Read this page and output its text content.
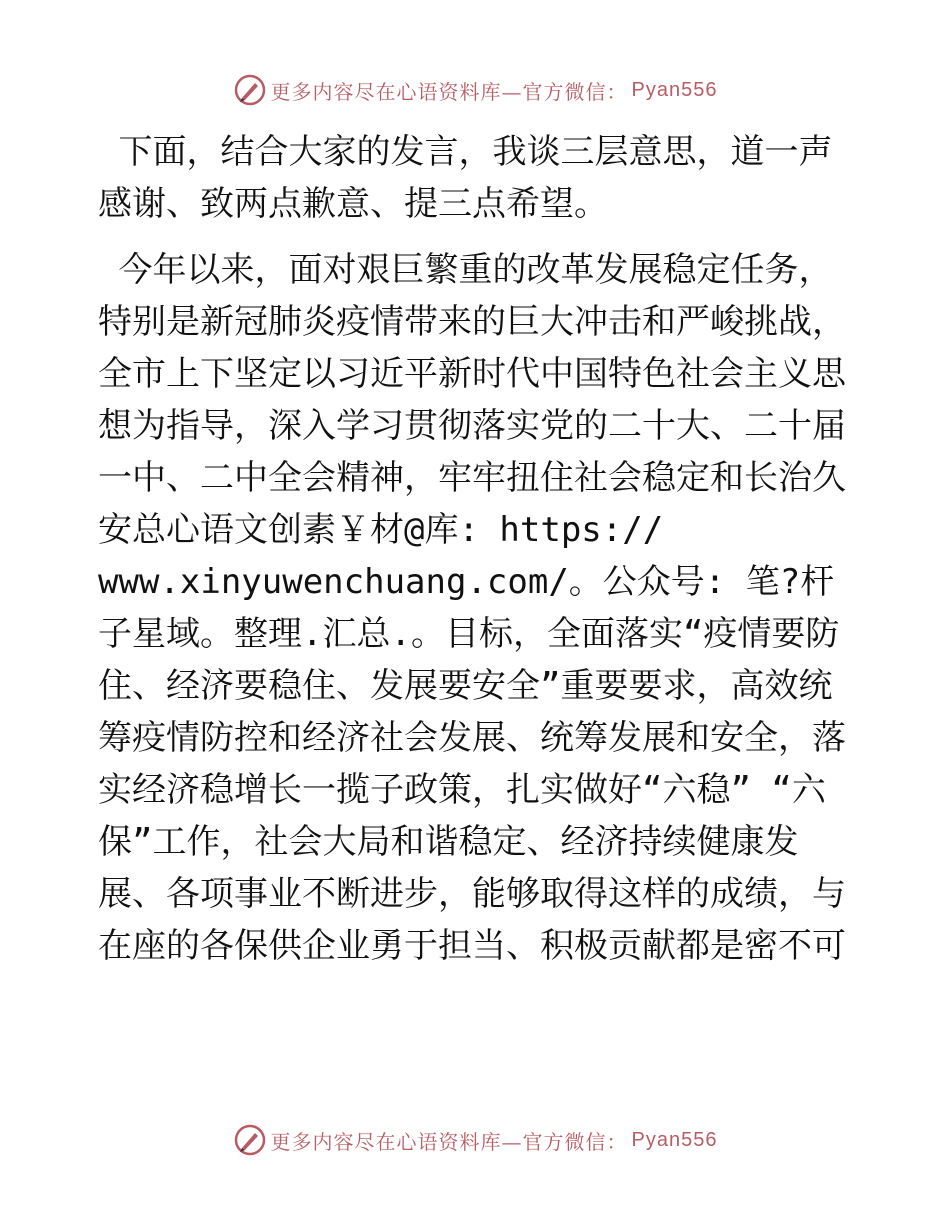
更多内容尽在心语资料库—官方微信： Pyan556

下面，结合大家的发言，我谈三层意思，道一声感谢、致两点歉意、提三点希望。

今年以来，面对艰巨繁重的改革发展稳定任务，特别是新冠肺炎疫情带来的巨大冲击和严峻挑战，全市上下坚定以习近平新时代中国特色社会主义思想为指导，深入学习贯彻落实党的二十大、二十届一中、二中全会精神，牢牢扭住社会稳定和长治久安总心语文创素￥材@库: https://
www.xinyuwenchuang.com/。公众号: 笔?杆子星域。整理.汇总.。目标，全面落实“疫情要防住、经济要稳住、发展要安全”重要要求，高效统筹疫情防控和经济社会发展、统筹发展和安全，落实经济稳增长一揽子政策，扎实做好“六稳” “六
保”工作，社会大局和谐稳定、经济持续健康发展、各项事业不断进步，能够取得这样的成绩，与在座的各保供企业勇于担当、积极贡献都是密不可

更多内容尽在心语资料库—官方微信： Pyan556
